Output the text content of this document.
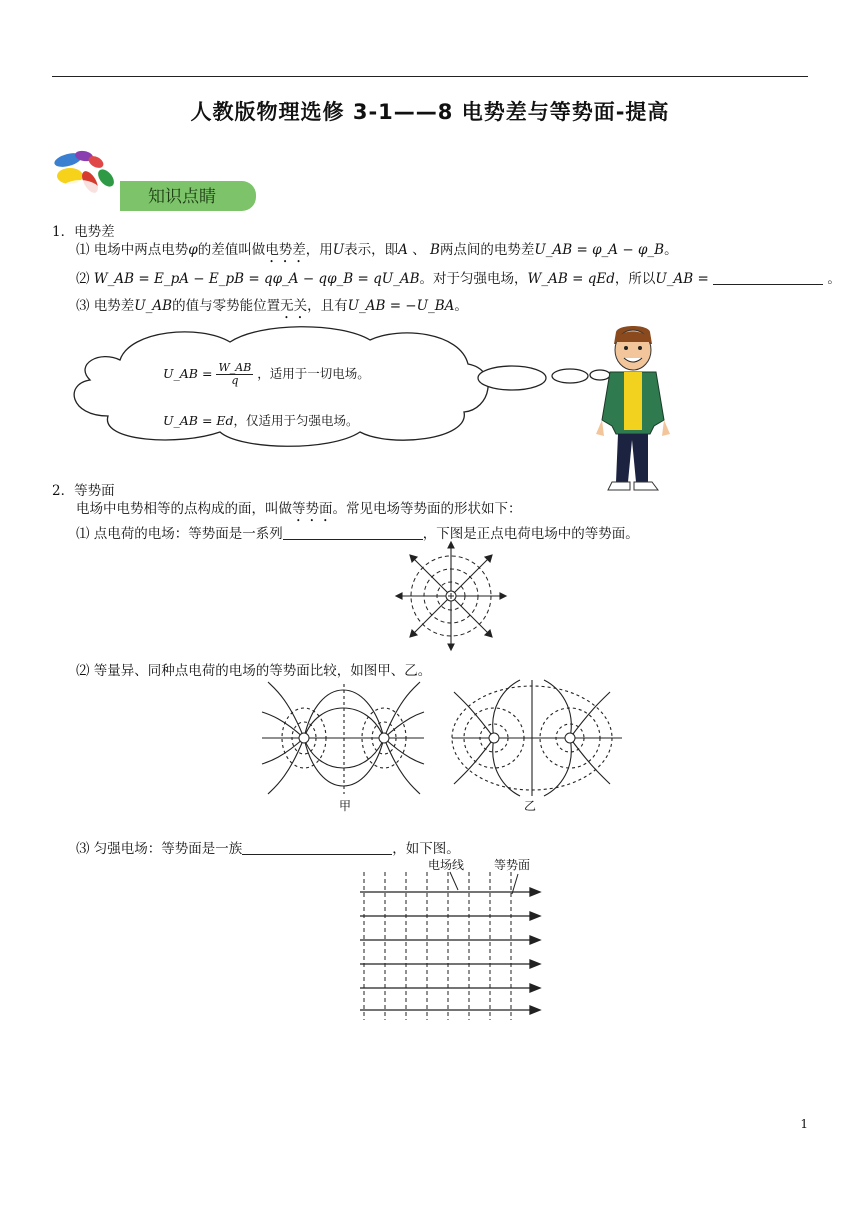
人教版物理选修 3-1——8 电势差与等势面-提高
知识点睛
1．电势差
⑴ 电场中两点电势φ的差值叫做电势差，用U表示，即A 、 B两点间的电势差U_AB = φ_A − φ_B。
⑵ W_AB = E_pA − E_pB = qφ_A − qφ_B = qU_AB。对于匀强电场，W_AB = qEd，所以U_AB =	。
⑶ 电势差U_AB的值与零势能位置无关，且有U_AB = −U_BA。
U_AB = $\frac{W\_AB}{q}$ ，适用于一切电场。
U_AB = Ed，仅适用于匀强电场。
2．等势面
电场中电势相等的点构成的面，叫做等势面。常见电场等势面的形状如下：
⑴ 点电荷的电场：等势面是一系列	，下图是正点电荷电场中的等势面。
⑵ 等量异、同种点电荷的电场的等势面比较，如图甲、乙。
甲	乙
⑶ 匀强电场：等势面是一族	，如下图。
电场线 等势面
1
